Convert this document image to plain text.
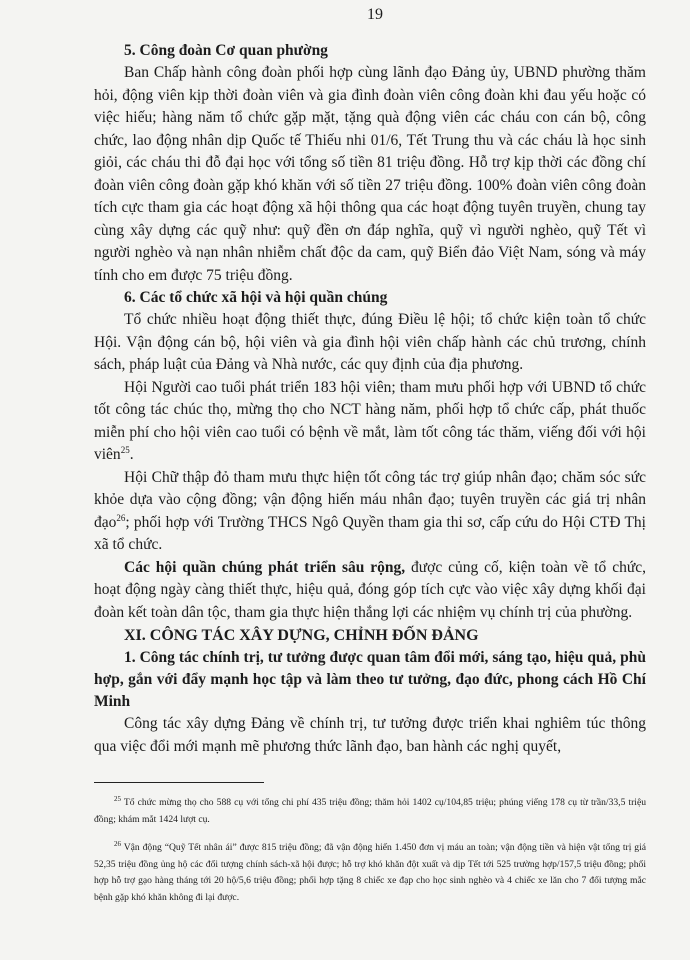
19
5. Công đoàn Cơ quan phường

Ban Chấp hành công đoàn phối hợp cùng lãnh đạo Đảng ủy, UBND phường thăm hỏi, động viên kịp thời đoàn viên và gia đình đoàn viên công đoàn khi đau yếu hoặc có việc hiếu; hàng năm tổ chức gặp mặt, tặng quà động viên các cháu con cán bộ, công chức, lao động nhân dịp Quốc tế Thiếu nhi 01/6, Tết Trung thu và các cháu là học sinh giỏi, các cháu thi đỗ đại học với tổng số tiền 81 triệu đồng. Hỗ trợ kịp thời các đồng chí đoàn viên công đoàn gặp khó khăn với số tiền 27 triệu đồng. 100% đoàn viên công đoàn tích cực tham gia các hoạt động xã hội thông qua các hoạt động tuyên truyền, chung tay cùng xây dựng các quỹ như: quỹ đền ơn đáp nghĩa, quỹ vì người nghèo, quỹ Tết vì người nghèo và nạn nhân nhiễm chất độc da cam, quỹ Biển đảo Việt Nam, sóng và máy tính cho em được 75 triệu đồng.

6. Các tổ chức xã hội và hội quần chúng

Tổ chức nhiều hoạt động thiết thực, đúng Điều lệ hội; tổ chức kiện toàn tổ chức Hội. Vận động cán bộ, hội viên và gia đình hội viên chấp hành các chủ trương, chính sách, pháp luật của Đảng và Nhà nước, các quy định của địa phương.

Hội Người cao tuổi phát triển 183 hội viên; tham mưu phối hợp với UBND tổ chức tốt công tác chúc thọ, mừng thọ cho NCT hàng năm, phối hợp tổ chức cấp, phát thuốc miễn phí cho hội viên cao tuổi có bệnh về mắt, làm tốt công tác thăm, viếng đối với hội viên$^{25}$.

Hội Chữ thập đỏ tham mưu thực hiện tốt công tác trợ giúp nhân đạo; chăm sóc sức khỏe dựa vào cộng đồng; vận động hiến máu nhân đạo; tuyên truyền các giá trị nhân đạo$^{26}$; phối hợp với Trường THCS Ngô Quyền tham gia thi sơ, cấp cứu do Hội CTĐ Thị xã tổ chức.

Các hội quần chúng phát triển sâu rộng, được củng cố, kiện toàn về tổ chức, hoạt động ngày càng thiết thực, hiệu quả, đóng góp tích cực vào việc xây dựng khối đại đoàn kết toàn dân tộc, tham gia thực hiện thắng lợi các nhiệm vụ chính trị của phường.

XI. CÔNG TÁC XÂY DỰNG, CHỈNH ĐỐN ĐẢNG
1. Công tác chính trị, tư tưởng được quan tâm đổi mới, sáng tạo, hiệu quả, phù hợp, gắn với đẩy mạnh học tập và làm theo tư tưởng, đạo đức, phong cách Hồ Chí Minh

Công tác xây dựng Đảng về chính trị, tư tưởng được triển khai nghiêm túc thông qua việc đổi mới mạnh mẽ phương thức lãnh đạo, ban hành các nghị quyết,

$^{25}$ Tổ chức mừng thọ cho 588 cụ với tổng chi phí 435 triệu đồng; thăm hỏi 1402 cụ/104,85 triệu; phúng viếng 178 cụ từ trần/33,5 triệu đồng; khám mắt 1424 lượt cụ.

$^{26}$ Vận động “Quỹ Tết nhân ái” được 815 triệu đồng; đã vận động hiến 1.450 đơn vị máu an toàn; vận động tiền và hiện vật tổng trị giá 52,35 triệu đồng ủng hộ các đối tượng chính sách-xã hội được; hỗ trợ khó khăn đột xuất và dịp Tết tới 525 trường hợp/157,5 triệu đồng; phối hợp hỗ trợ gạo hàng tháng tới 20 hộ/5,6 triệu đồng; phối hợp tặng 8 chiếc xe đạp cho học sinh nghèo và 4 chiếc xe lăn cho 7 đối tượng mắc bệnh gặp khó khăn không đi lại được.
